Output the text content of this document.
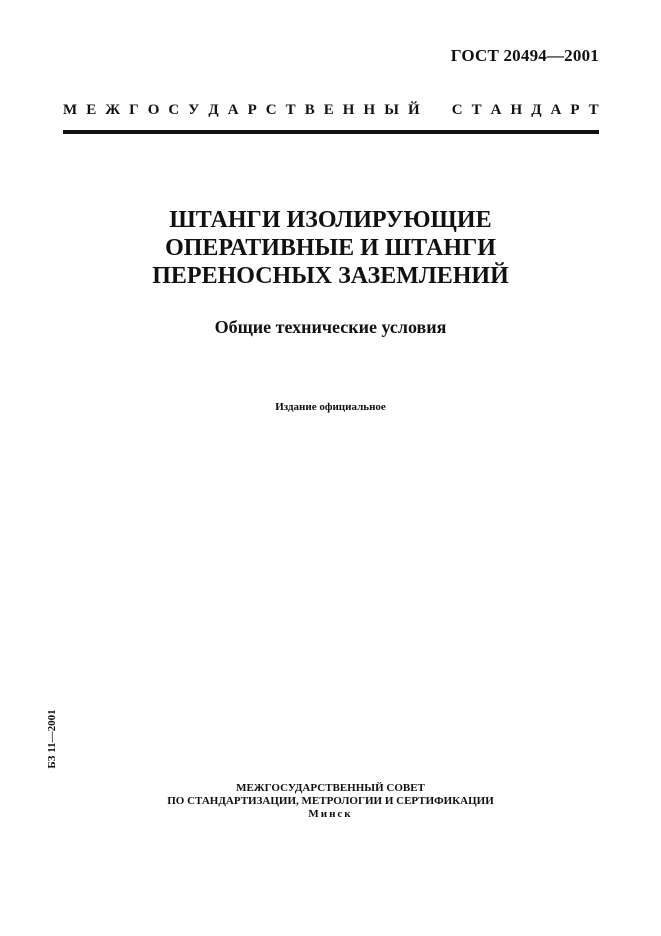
ГОСТ 20494—2001
М Е Ж Г О С У Д А Р С Т В Е Н Н Ы Й
С Т А Н Д А Р Т
ШТАНГИ ИЗОЛИРУЮЩИЕ
ОПЕРАТИВНЫЕ И ШТАНГИ
ПЕРЕНОСНЫХ ЗАЗЕМЛЕНИЙ
Общие технические условия
Издание официальное
БЗ 11—2001
МЕЖГОСУДАРСТВЕННЫЙ СОВЕТ
ПО СТАНДАРТИЗАЦИИ, МЕТРОЛОГИИ И СЕРТИФИКАЦИИ
Минск
